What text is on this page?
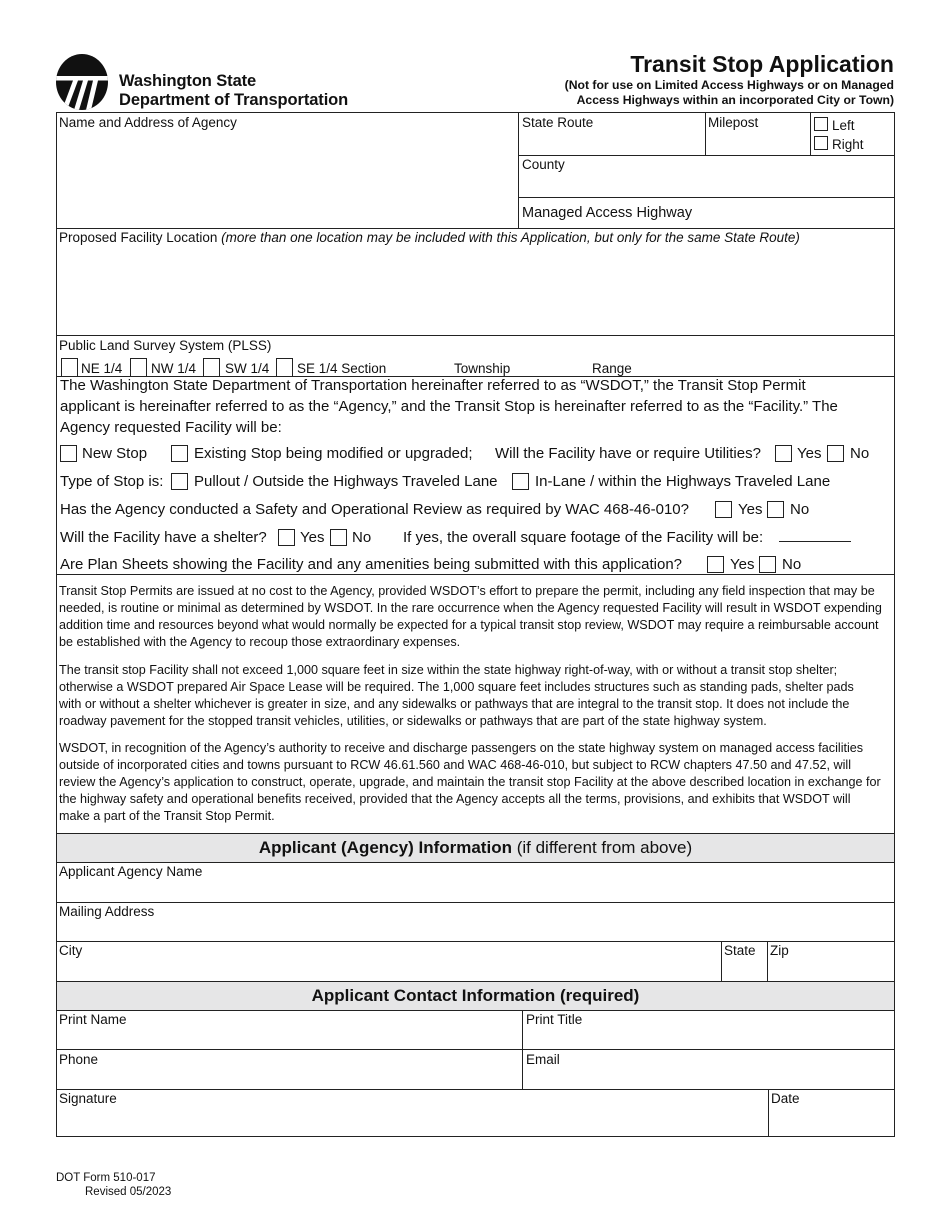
Washington State
Department of Transportation
Transit Stop Application
(Not for use on Limited Access Highways or on Managed
Access Highways within an incorporated City or Town)
Name and Address of Agency	State Route	Milepost	Left
Right
County
Managed Access Highway
Proposed Facility Location (more than one location may be included with this Application, but only for the same State Route)
Public Land Survey System (PLSS)
NE 1/4 NW 1/4 SW 1/4 SE 1/4 Section	Township	Range
The Washington State Department of Transportation hereinafter referred to as “WSDOT,” the Transit Stop Permit
applicant is hereinafter referred to as the “Agency,” and the Transit Stop is hereinafter referred to as the “Facility.” The
Agency requested Facility will be:
New Stop	Existing Stop being modified or upgraded; Will the Facility have or require Utilities? Yes No
Type of Stop is: Pullout / Outside the Highways Traveled Lane In-Lane / within the Highways Traveled Lane
Has the Agency conducted a Safety and Operational Review as required by WAC 468-46-010?	Yes No
Will the Facility have a shelter? Yes No If yes, the overall square footage of the Facility will be:
Are Plan Sheets showing the Facility and any amenities being submitted with this application?	Yes No
Transit Stop Permits are issued at no cost to the Agency, provided WSDOT’s effort to prepare the permit, including any field inspection that may be
needed, is routine or minimal as determined by WSDOT. In the rare occurrence when the Agency requested Facility will result in WSDOT expending
addition time and resources beyond what would normally be expected for a typical transit stop review, WSDOT may require a reimbursable account
be established with the Agency to recoup those extraordinary expenses.
The transit stop Facility shall not exceed 1,000 square feet in size within the state highway right-of-way, with or without a transit stop shelter;
otherwise a WSDOT prepared Air Space Lease will be required. The 1,000 square feet includes structures such as standing pads, shelter pads
with or without a shelter whichever is greater in size, and any sidewalks or pathways that are integral to the transit stop. It does not include the
roadway pavement for the stopped transit vehicles, utilities, or sidewalks or pathways that are part of the state highway system.
WSDOT, in recognition of the Agency’s authority to receive and discharge passengers on the state highway system on managed access facilities
outside of incorporated cities and towns pursuant to RCW 46.61.560 and WAC 468-46-010, but subject to RCW chapters 47.50 and 47.52, will
review the Agency’s application to construct, operate, upgrade, and maintain the transit stop Facility at the above described location in exchange for
the highway safety and operational benefits received, provided that the Agency accepts all the terms, provisions, and exhibits that WSDOT will
make a part of the Transit Stop Permit.
Applicant (Agency) Information (if different from above)
Applicant Agency Name
Mailing Address
City	State Zip
Applicant Contact Information (required)
Print Name	Print Title
Phone	Email
Signature	Date
DOT Form 510-017
Revised 05/2023
